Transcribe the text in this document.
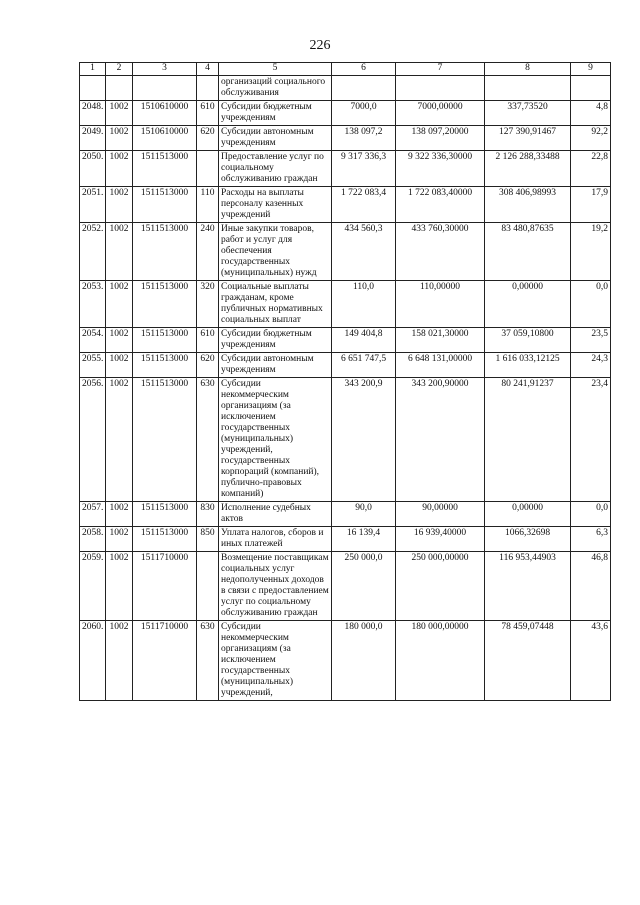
226
1	2	3	4	5	6	7	8	9
				организаций социального обслуживания				
2048.	1002	1510610000	610	Субсидии бюджетным учреждениям	7000,0	7000,00000	337,73520	4,8
2049.	1002	1510610000	620	Субсидии автономным учреждениям	138 097,2	138 097,20000	127 390,91467	92,2
2050.	1002	1511513000		Предоставление услуг по социальному обслуживанию граждан	9 317 336,3	9 322 336,30000	2 126 288,33488	22,8
2051.	1002	1511513000	110	Расходы на выплаты персоналу казенных учреждений	1 722 083,4	1 722 083,40000	308 406,98993	17,9
2052.	1002	1511513000	240	Иные закупки товаров, работ и услуг для обеспечения государственных (муниципальных) нужд	434 560,3	433 760,30000	83 480,87635	19,2
2053.	1002	1511513000	320	Социальные выплаты гражданам, кроме публичных нормативных социальных выплат	110,0	110,00000	0,00000	0,0
2054.	1002	1511513000	610	Субсидии бюджетным учреждениям	149 404,8	158 021,30000	37 059,10800	23,5
2055.	1002	1511513000	620	Субсидии автономным учреждениям	6 651 747,5	6 648 131,00000	1 616 033,12125	24,3
2056.	1002	1511513000	630	Субсидии некоммерческим организациям (за исключением государственных (муниципальных) учреждений, государственных корпораций (компаний), публично-правовых компаний)	343 200,9	343 200,90000	80 241,91237	23,4
2057.	1002	1511513000	830	Исполнение судебных актов	90,0	90,00000	0,00000	0,0
2058.	1002	1511513000	850	Уплата налогов, сборов и иных платежей	16 139,4	16 939,40000	1066,32698	6,3
2059.	1002	1511710000		Возмещение поставщикам социальных услуг недополученных доходов в связи с предоставлением услуг по социальному обслуживанию граждан	250 000,0	250 000,00000	116 953,44903	46,8
2060.	1002	1511710000	630	Субсидии некоммерческим организациям (за исключением государственных (муниципальных) учреждений,	180 000,0	180 000,00000	78 459,07448	43,6
